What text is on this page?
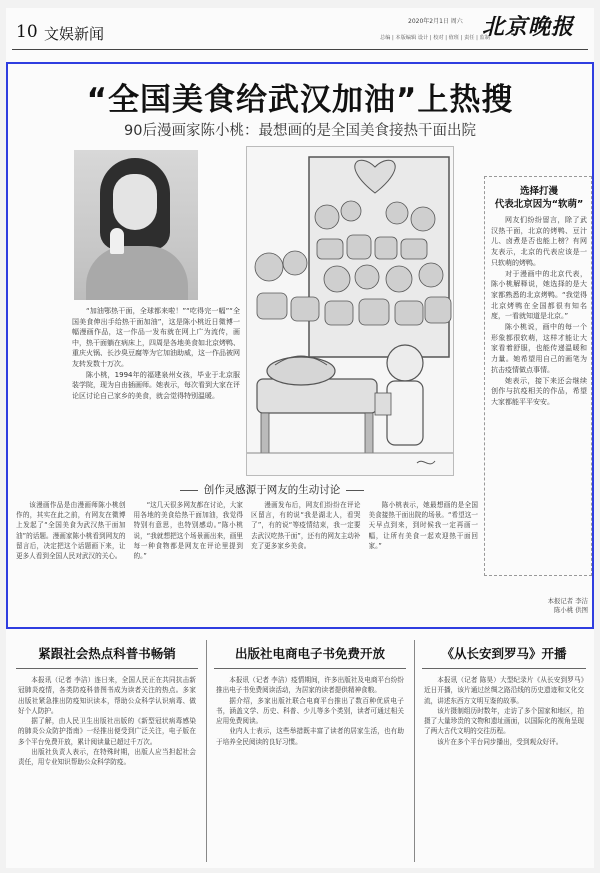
10 文娱新闻
2020年2月1日 周六
总编 | 本版编辑 设计 | 校对 | 值班 | 责任 | 监制
北京晚报
“全国美食给武汉加油”上热搜
90后漫画家陈小桃：最想画的是全国美食接热干面出院

“加油鄂热干面，全球都来啦！”“吃得完一幅”“全国美食伸出手给热干面加油”，这是陈小桃近日微博一幅漫画作品，这一作品一发布就在网上广为流传，画中，热干面躺在病床上，四周是各地美食如北京烤鸭、重庆火锅、长沙臭豆腐等为它加油助威，这一作品被网友转发数十万次。

陈小桃，1994年的福建泉州女孩，毕业于北京服装学院，现为自由插画师。她表示，每次看到大家在评论区讨论自己家乡的美食，就会觉得特别温暖。

选择打漫
代表北京因为“软萌”

网友们纷纷留言，除了武汉热干面，北京的烤鸭、豆汁儿、卤煮是否也能上榜？有网友表示，北京的代表应该是一只软萌的烤鸭。

对于漫画中的北京代表，陈小桃解释说，她选择的是大家都熟悉的北京烤鸭。“我觉得北京烤鸭在全国都很有知名度，一看就知道是北京。”

陈小桃说，画中的每一个形象都很软萌，这样才能让大家看着舒服，也能传递温暖和力量。她希望用自己的画笔为抗击疫情做点事情。

她表示，接下来还会继续创作与抗疫相关的作品，希望大家都能平平安安。

创作灵感源于网友的生动讨论

该漫画作品是由漫画师陈小桃创作的，其实在此之前，有网友在微博上发起了“全国美食为武汉热干面加油”的话题。漫画家陈小桃看到网友的留言后，决定把这个话题画下来，让更多人看到全国人民对武汉的关心。

“这几天很多网友都在讨论，大家用各地的美食给热干面加油，我觉得特别有意思，也特别感动。”陈小桃说，“我就想把这个场景画出来，画里每一种食物都是网友在评论里提到的。”

漫画发布后，网友们纷纷在评论区留言，有的说“我是湖北人，看哭了”，有的说“等疫情结束，我一定要去武汉吃热干面”，还有的网友主动补充了更多家乡美食。

陈小桃表示，她最想画的是全国美食接热干面出院的场景。“希望这一天早点到来，到时候我一定再画一幅，让所有美食一起欢迎热干面回家。”

本报记者 李洁
陈小桃 供图
紧跟社会热点科普书畅销

本报讯（记者 李洁）连日来，全国人民正在共同抗击新冠肺炎疫情，各类防疫科普图书成为读者关注的热点。多家出版社紧急推出防疫知识读本，帮助公众科学认识病毒、做好个人防护。

据了解，由人民卫生出版社出版的《新型冠状病毒感染的肺炎公众防护指南》一经推出便受到广泛关注，电子版在多个平台免费开放，累计阅读量已超过千万次。

出版社负责人表示，在特殊时期，出版人应当担起社会责任，用专业知识帮助公众科学防疫。

出版社电商电子书免费开放

本报讯（记者 李洁）疫情期间，许多出版社及电商平台纷纷推出电子书免费阅读活动，为居家的读者提供精神食粮。

据介绍，多家出版社联合电商平台推出了数百种优质电子书，涵盖文学、历史、科普、少儿等多个类别，读者可通过相关应用免费阅读。

业内人士表示，这些举措既丰富了读者的居家生活，也有助于培养全民阅读的良好习惯。

《从长安到罗马》开播

本报讯（记者 陈昊）大型纪录片《从长安到罗马》近日开播，该片通过丝绸之路沿线的历史遗迹和文化交流，讲述东西方文明互鉴的故事。

该片摄制组历时数年，走访了多个国家和地区，拍摄了大量珍贵的文物和遗址画面，以国际化的视角呈现了两大古代文明的交往历程。

该片在多个平台同步播出，受到观众好评。
